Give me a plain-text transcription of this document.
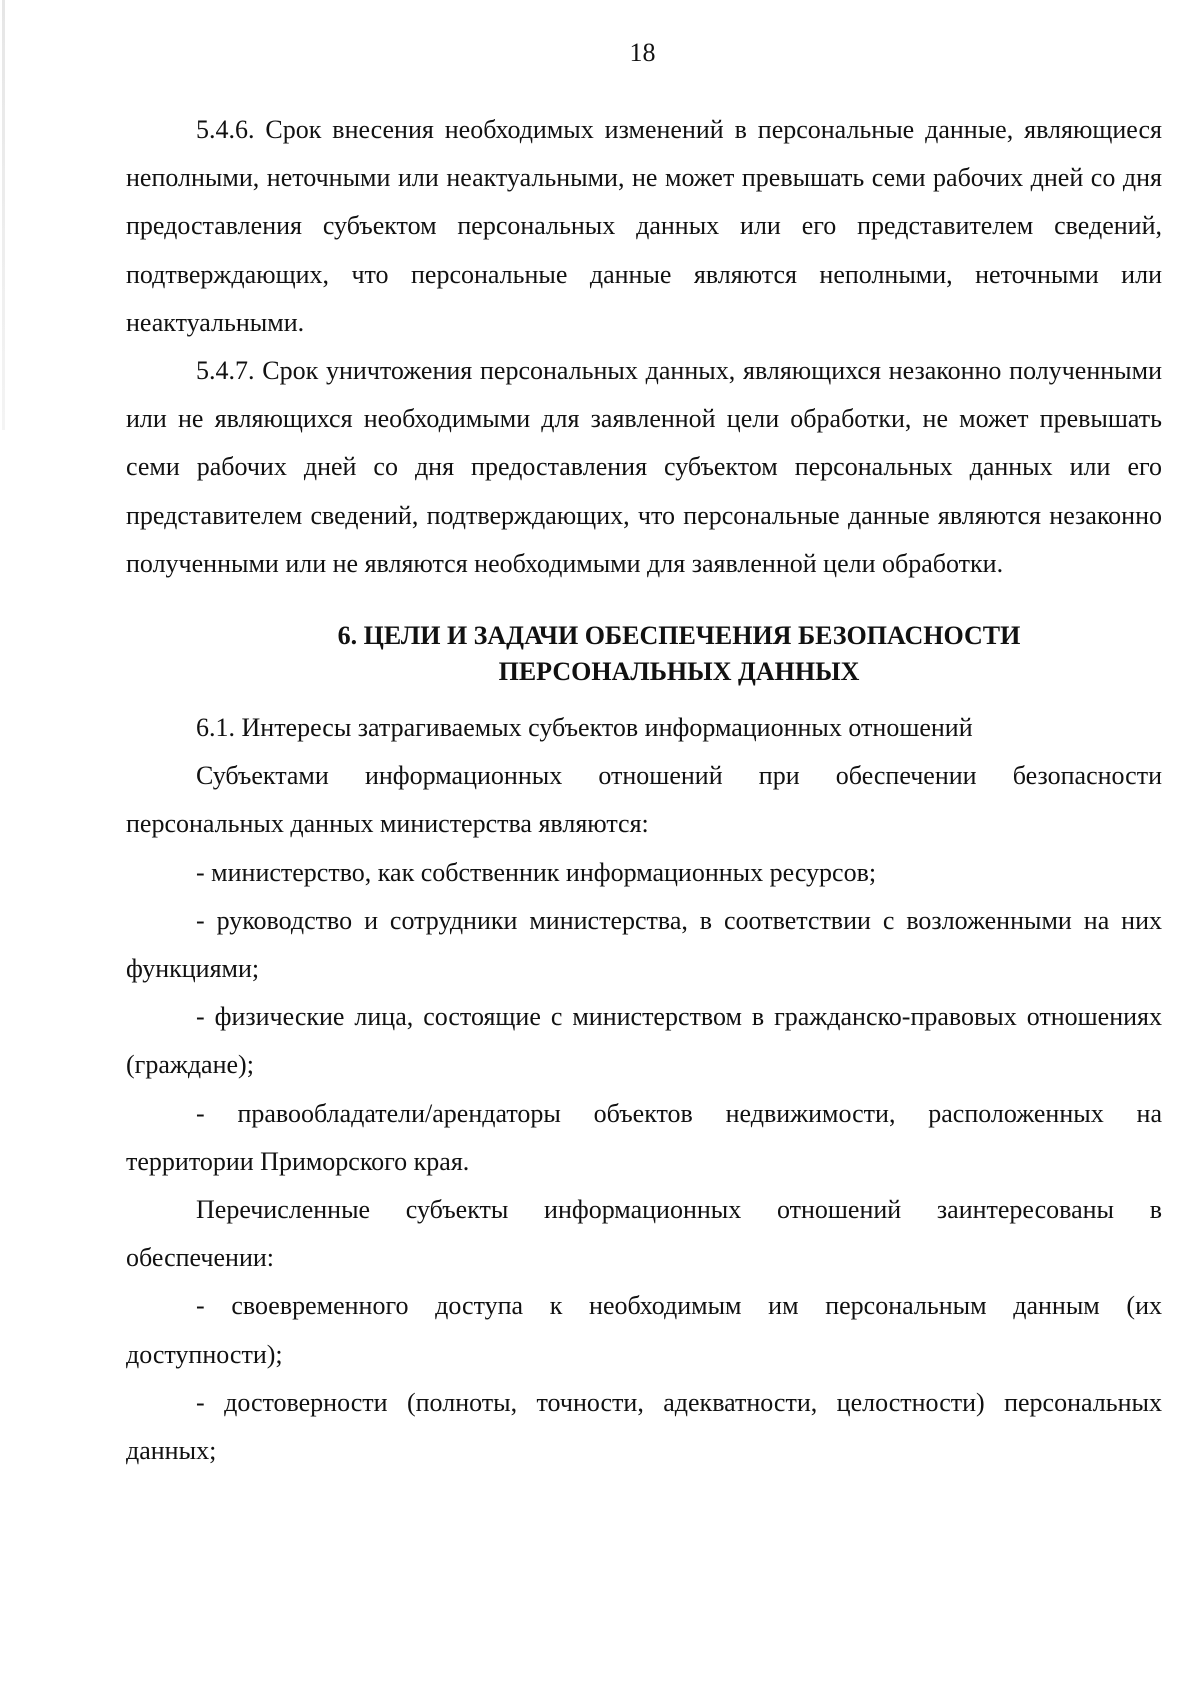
18

5.4.6. Срок внесения необходимых изменений в персональные данные, являющиеся неполными, неточными или неактуальными, не может превышать семи рабочих дней со дня предоставления субъектом персональных данных или его представителем сведений, подтверждающих, что персональные данные являются неполными, неточными или неактуальными.

5.4.7. Срок уничтожения персональных данных, являющихся незаконно полученными или не являющихся необходимыми для заявленной цели обработки, не может превышать семи рабочих дней со дня предоставления субъектом персональных данных или его представителем сведений, подтверждающих, что персональные данные являются незаконно полученными или не являются необходимыми для заявленной цели обработки.

6. ЦЕЛИ И ЗАДАЧИ ОБЕСПЕЧЕНИЯ БЕЗОПАСНОСТИ
ПЕРСОНАЛЬНЫХ ДАННЫХ

6.1. Интересы затрагиваемых субъектов информационных отношений

Субъектами информационных отношений при обеспечении безопасности персональных данных министерства являются:

- министерство, как собственник информационных ресурсов;

- руководство и сотрудники министерства, в соответствии с возложенными на них функциями;

- физические лица, состоящие с министерством в гражданско-правовых отношениях (граждане);

- правообладатели/арендаторы объектов недвижимости, расположенных на территории Приморского края.

Перечисленные субъекты информационных отношений заинтересованы в обеспечении:

- своевременного доступа к необходимым им персональным данным (их доступности);

- достоверности (полноты, точности, адекватности, целостности) персональных данных;
